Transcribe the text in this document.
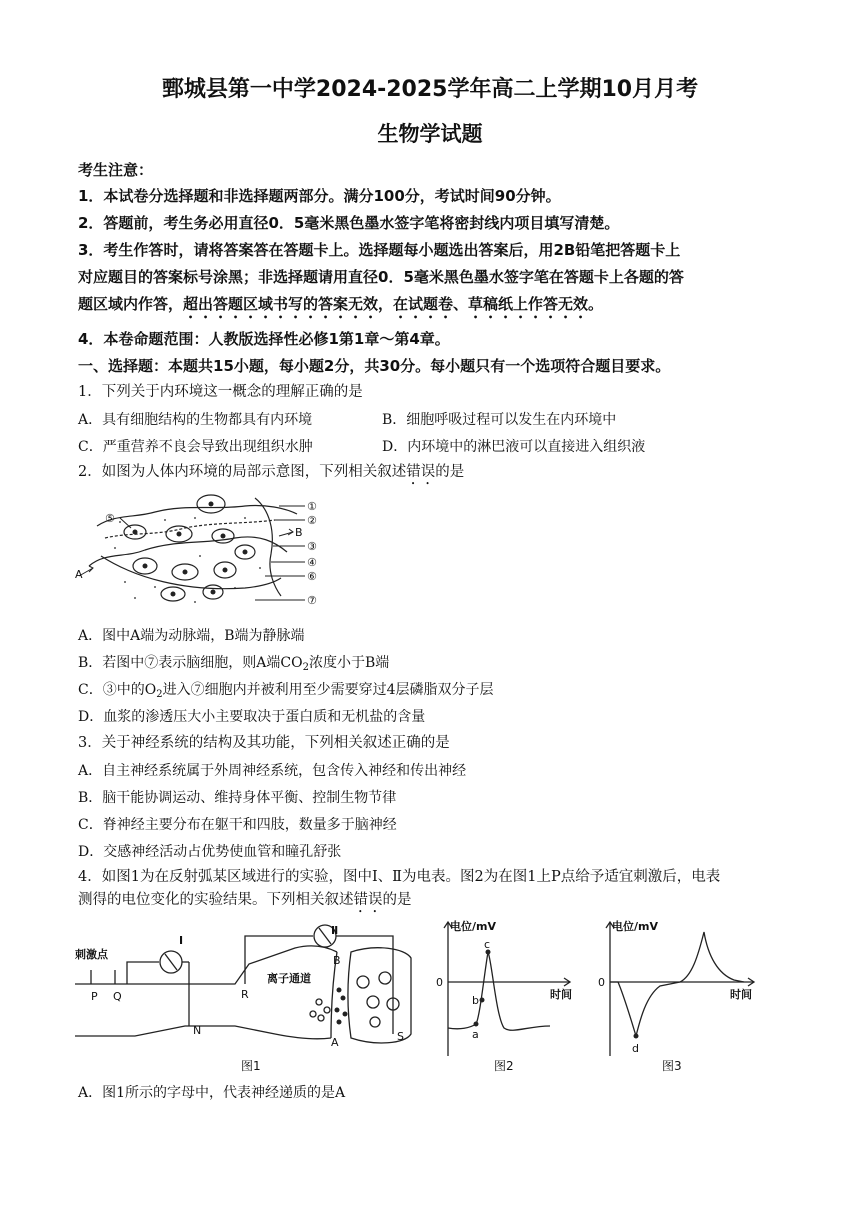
鄄城县第一中学2024-2025学年高二上学期10月月考
生物学试题
考生注意：
1．本试卷分选择题和非选择题两部分。满分100分，考试时间90分钟。
2．答题前，考生务必用直径0．5毫米黑色墨水签字笔将密封线内项目填写清楚。
3．考生作答时，请将答案答在答题卡上。选择题每小题选出答案后，用2B铅笔把答题卡上
对应题目的答案标号涂黑；非选择题请用直径0．5毫米黑色墨水签字笔在答题卡上各题的答
题区域内作答，超出答题区域书写的答案无效，在试题卷、草稿纸上作答无效。
4．本卷命题范围：人教版选择性必修1第1章～第4章。
一、选择题：本题共15小题，每小题2分，共30分。每小题只有一个选项符合题目要求。
1．下列关于内环境这一概念的理解正确的是
A．具有细胞结构的生物都具有内环境	B．细胞呼吸过程可以发生在内环境中
C．严重营养不良会导致出现组织水肿	D．内环境中的淋巴液可以直接进入组织液
2．如图为人体内环境的局部示意图，下列相关叙述错误的是
①
②
③
④
⑥
⑦
⑤
A
B
A．图中A端为动脉端，B端为静脉端
B．若图中⑦表示脑细胞，则A端$CO_2$浓度小于B端
C．③中的$O_2$进入⑦细胞内并被利用至少需要穿过4层磷脂双分子层
D．血浆的渗透压大小主要取决于蛋白质和无机盐的含量
3．关于神经系统的结构及其功能，下列相关叙述正确的是
A．自主神经系统属于外周神经系统，包含传入神经和传出神经
B．脑干能协调运动、维持身体平衡、控制生物节律
C．脊神经主要分布在躯干和四肢，数量多于脑神经
D．交感神经活动占优势使血管和瞳孔舒张
4．如图1为在反射弧某区域进行的实验，图中Ⅰ、Ⅱ为电表。图2为在图1上P点给予适宜刺激后，电表
测得的电位变化的实验结果。下列相关叙述错误的是
刺激点
P Q
I
Ⅱ
R
N	S
B
A
离子通道
图1
电位/mV
0
时间
a
b
c
图2
电位/mV
0
时间
d
图3
A．图1所示的字母中，代表神经递质的是A
